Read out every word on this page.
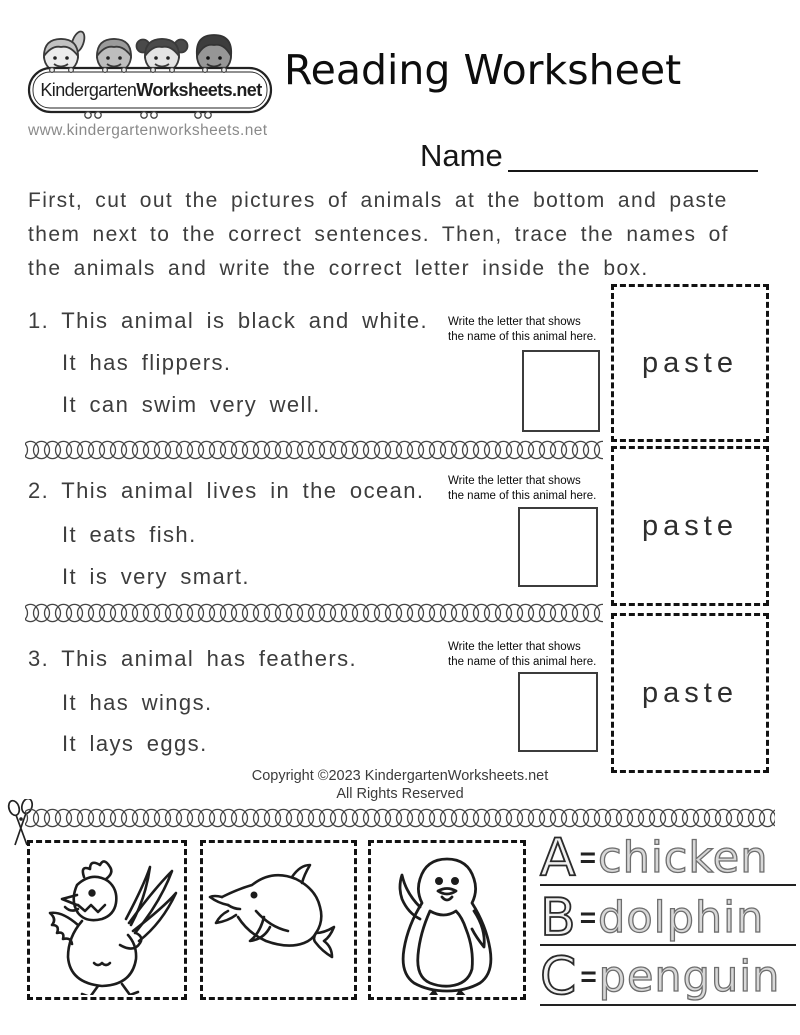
KindergartenWorksheets.net
www.kindergartenworksheets.net
Reading Worksheet
Name
First, cut out the pictures of animals at the bottom and paste
them next to the correct sentences. Then, trace the names of
the animals and write the correct letter inside the box.
1. This animal is black and white.
It has flippers.
It can swim very well.
Write the letter that shows
the name of this animal here.
paste
2. This animal lives in the ocean.
It eats fish.
It is very smart.
Write the letter that shows
the name of this animal here.
paste
3. This animal has feathers.
It has wings.
It lays eggs.
Write the letter that shows
the name of this animal here.
paste
Copyright ©2023 KindergartenWorksheets.net
All Rights Reserved
A = chicken
B = dolphin
C = penguin
